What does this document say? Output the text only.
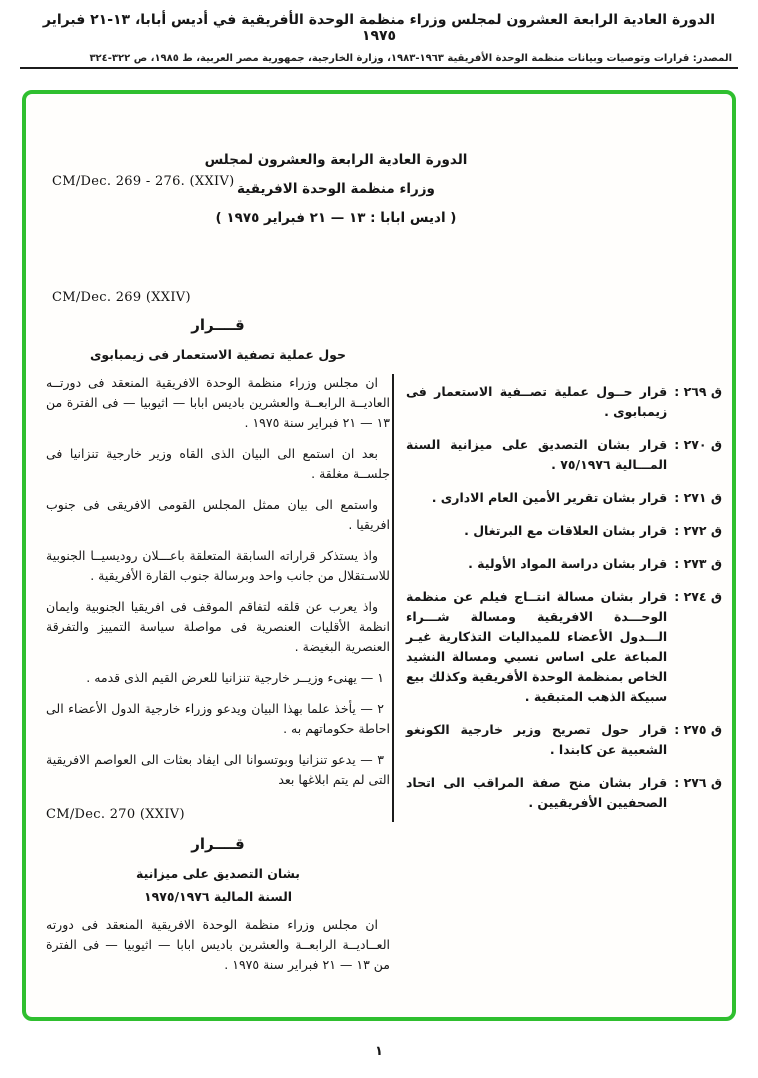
الدورة العادية الرابعة العشرون لمجلس وزراء منظمة الوحدة الأفريقية في أديس أبابا، ١٣-٢١ فبراير ١٩٧٥
المصدر: قرارات وتوصيات وبيانات منظمة الوحدة الأفريقية ١٩٦٣-١٩٨٣، وزارة الخارجية، جمهورية مصر العربية، ط ١٩٨٥، ص ٣٢٢-٣٢٤
CM/Dec. 269 - 276. (XXIV)
الدورة العادية الرابعة والعشرون لمجلس
وزراء منظمة الوحدة الافريقية
( اديس ابابا : ١٣ — ٢١ فبراير ١٩٧٥ )
CM/Dec. 269 (XXIV)
قــــرار
حول عملية تصفية الاستعمار فى زيمبابوى

ان مجلس وزراء منظمة الوحدة الافريقية المنعقد فى دورتــه العاديــة الرابعــة والعشرين باديس ابابا — اثيوبيا — فى الفترة من ١٣ — ٢١ فبراير سنة ١٩٧٥ .

بعد ان استمع الى البيان الذى القاه وزير خارجية تنزانيا فى جلســة مغلقة .

واستمع الى بيان ممثل المجلس القومى الافريقى فى جنوب افريقيا .

واذ يستذكر قراراته السابقة المتعلقة باعـــلان روديسيــا الجنوبية للاسـتقلال من جانب واحد وبرسالة جنوب القارة الأفريقية .

واذ يعرب عن قلقه لتفاقم الموقف فى افريقيا الجنوبية وايمان انظمة الأقليات العنصرية فى مواصلة سياسة التمييز والتفرقة العنصرية البغيضة .

١ — يهنىء وزيــر خارجية تنزانيا للعرض القيم الذى قدمه .

٢ — يأخذ علما بهذا البيان ويدعو وزراء خارجية الدول الأعضاء الى احاطة حكوماتهم به .

٣ — يدعو تنزانيا وبوتسوانا الى ايفاد بعثات الى العواصم الافريقية التى لم يتم ابلاغها بعد

CM/Dec. 270 (XXIV)
قــــرار
بشان التصديق على ميزانية
السنة المالية ١٩٧٥/١٩٧٦

ان مجلس وزراء منظمة الوحدة الافريقية المنعقد فى دورته العــاديــة الرابعــة والعشرين باديس ابابا — اثيوبيا — فى الفترة من ١٣ — ٢١ فبراير سنة ١٩٧٥ .

ق ٢٦٩ :
قرار حــول عملية تصــفية الاستعمار فى زيمبابوى .
ق ٢٧٠ :
قرار بشان التصديق على ميزانية السنة المـــالية ٧٥/١٩٧٦ .
ق ٢٧١ :
قرار بشان تقرير الأمين العام الادارى .
ق ٢٧٢ :
قرار بشان العلاقات مع البرتغال .
ق ٢٧٣ :
قرار بشان دراسة المواد الأولية .
ق ٢٧٤ :
قرار بشان مسالة انتــاج فيلم عن منظمة الوحـــدة الافريقية ومسالة شـــراء الـــدول الأعضاء للميداليات التذكارية غيـر المباعة على اساس نسبي ومسالة النشيد الخاص بمنظمة الوحدة الأفريقية وكذلك بيع سبيكة الذهب المتبقية .
ق ٢٧٥ :
قرار حول تصريح وزير خارجية الكونغو الشعبية عن كابندا .
ق ٢٧٦ :
قرار بشان منح صفة المراقب الى اتحاد الصحفيين الأفريقيين .
١
